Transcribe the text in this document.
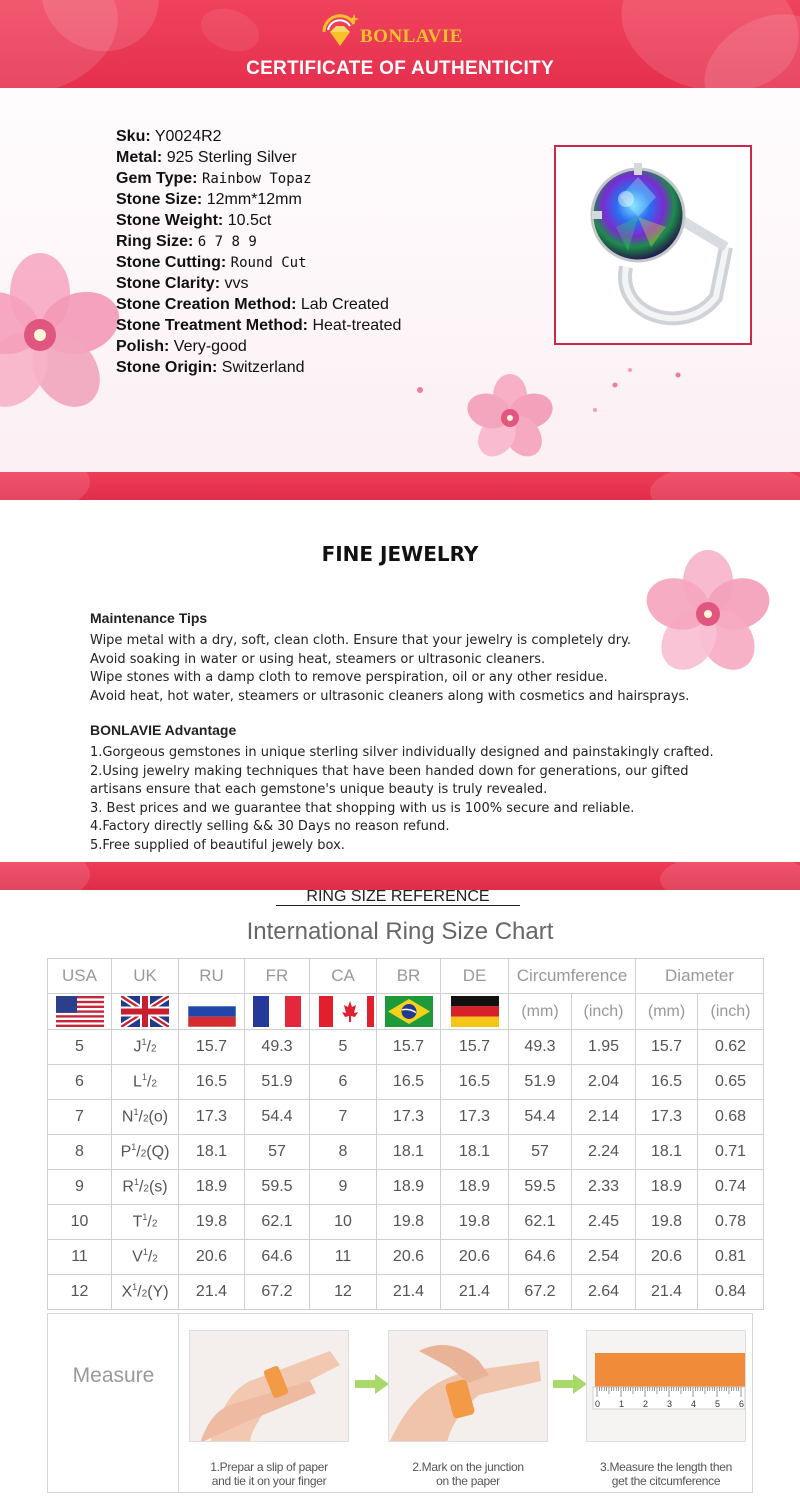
BONLAVIE
CERTIFICATE OF AUTHENTICITY
Sku: Y0024R2
Metal: 925 Sterling Silver
Gem Type: Rainbow Topaz
Stone Size: 12mm*12mm
Stone Weight: 10.5ct
Ring Size: 6 7 8 9
Stone Cutting: Round Cut
Stone Clarity: vvs
Stone Creation Method: Lab Created
Stone Treatment Method: Heat-treated
Polish: Very-good
Stone Origin: Switzerland
FINE JEWELRY
Maintenance Tips
Wipe metal with a dry, soft, clean cloth. Ensure that your jewelry is completely dry.
Avoid soaking in water or using heat, steamers or ultrasonic cleaners.
Wipe stones with a damp cloth to remove perspiration, oil or any other residue.
Avoid heat, hot water, steamers or ultrasonic cleaners along with cosmetics and hairsprays.
BONLAVIE Advantage
1.Gorgeous gemstones in unique sterling silver individually designed and painstakingly crafted.
2.Using jewelry making techniques that have been handed down for generations, our gifted
artisans ensure that each gemstone's unique beauty is truly revealed.
3. Best prices and we guarantee that shopping with us is 100% secure and reliable.
4.Factory directly selling && 30 Days no reason refund.
5.Free supplied of beautiful jewely box.
RING SIZE REFERENCE
International Ring Size Chart
USA	UK	RU	FR	CA	BR	DE	Circumference		Diameter	
							(mm)	(inch)	(mm)	(inch)
5	$J^1/2$	15.7	49.3	5	15.7	15.7	49.3	1.95	15.7	0.62
6	$L^1/2$	16.5	51.9	6	16.5	16.5	51.9	2.04	16.5	0.65
7	$N^1/2(o)$	17.3	54.4	7	17.3	17.3	54.4	2.14	17.3	0.68
8	$P^1/2(Q)$	18.1	57	8	18.1	18.1	57	2.24	18.1	0.71
9	$R^1/2(s)$	18.9	59.5	9	18.9	18.9	59.5	2.33	18.9	0.74
10	$T^1/2$	19.8	62.1	10	19.8	19.8	62.1	2.45	19.8	0.78
11	$V^1/2$	20.6	64.6	11	20.6	20.6	64.6	2.54	20.6	0.81
12	$X^1/2(Y)$	21.4	67.2	12	21.4	21.4	67.2	2.64	21.4	0.84
Measure
1.Prepar a slip of paper
and tie it on your finger
2.Mark on the junction
on the paper
0 1 2 3 4 5 6
3.Measure the length then
get the citcumference
